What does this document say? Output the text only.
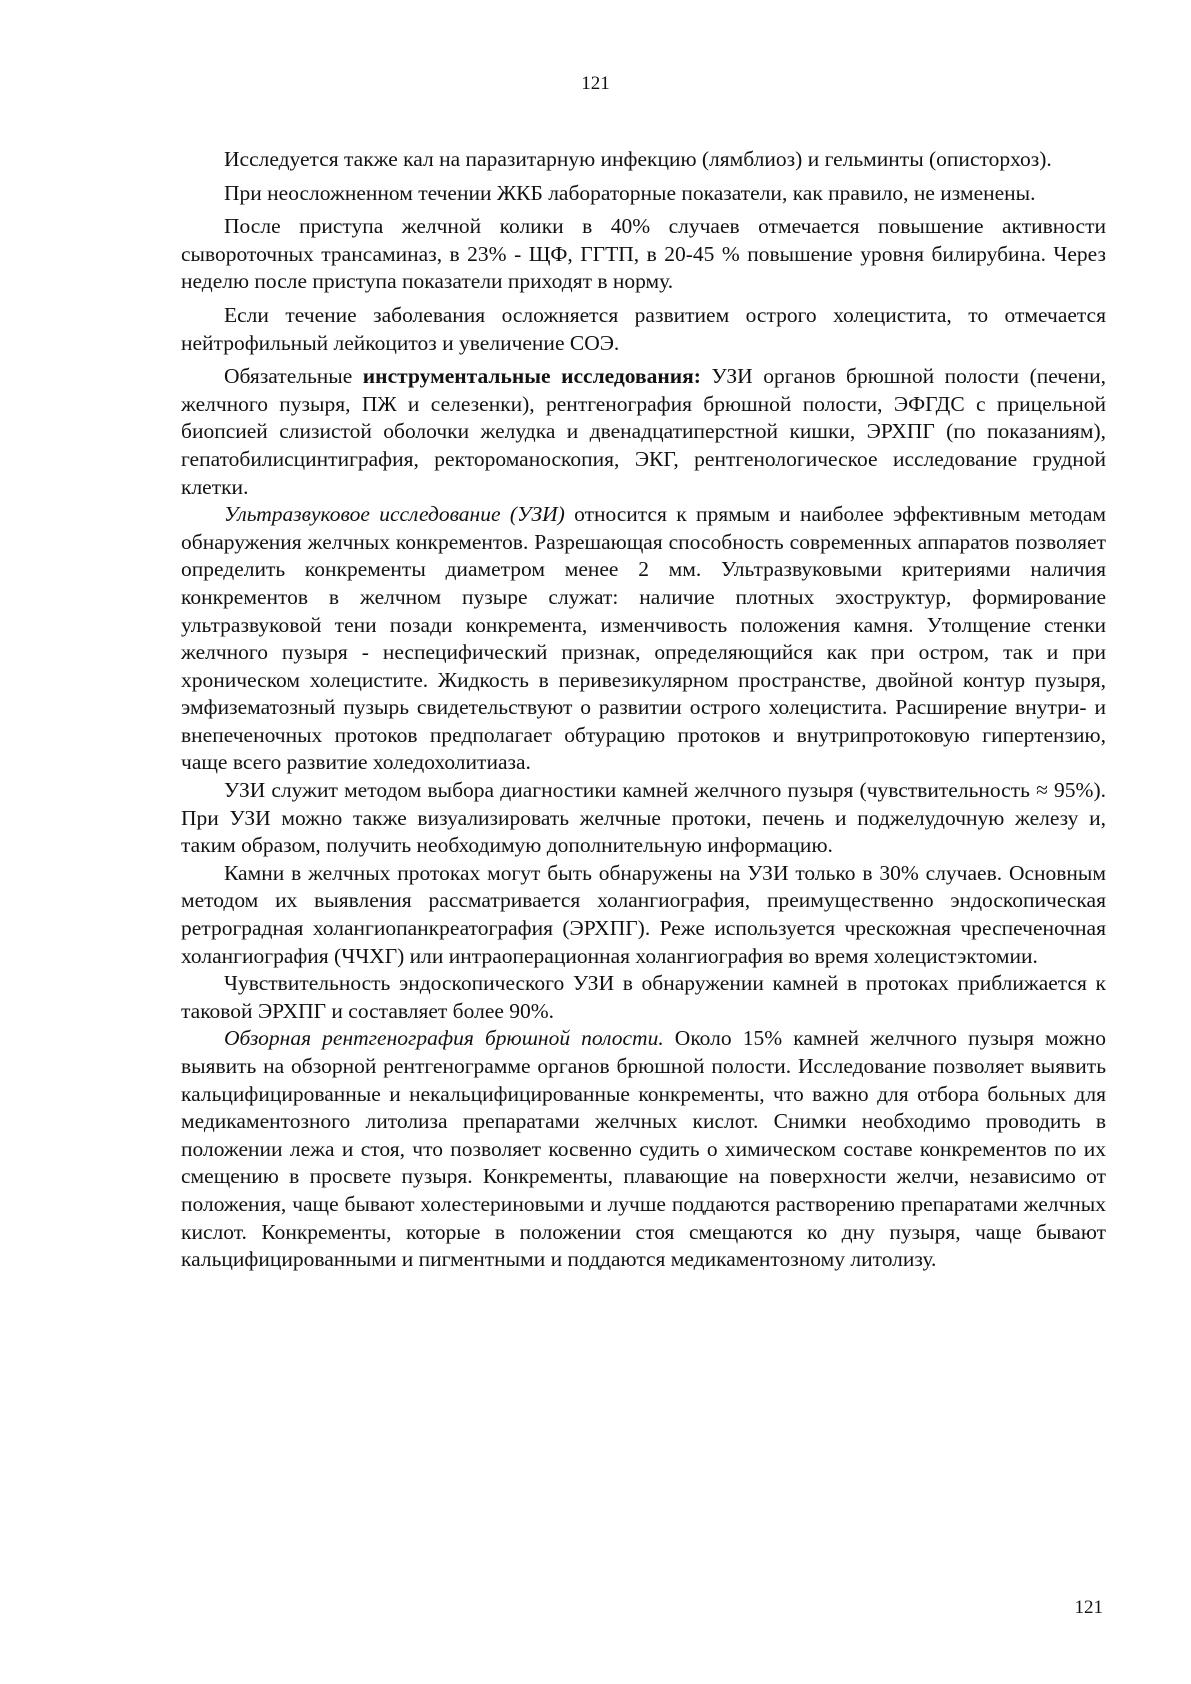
121

Исследуется также кал на паразитарную инфекцию (лямблиоз) и гельминты (описторхоз).

При неосложненном течении ЖКБ лабораторные показатели, как правило, не изменены.

После приступа желчной колики в 40% случаев отмечается повышение активности сывороточных трансаминаз, в 23% - ЩФ, ГГТП, в 20-45 % повышение уровня билирубина. Через неделю после приступа показатели приходят в норму.

Если течение заболевания осложняется развитием острого холецистита, то отмечается нейтрофильный лейкоцитоз и увеличение СОЭ.

Обязательные инструментальные исследования: УЗИ органов брюшной полости (печени, желчного пузыря, ПЖ и селезенки), рентгенография брюшной полости, ЭФГДС с прицельной биопсией слизистой оболочки желудка и двенадцатиперстной кишки, ЭРХПГ (по показаниям), гепатобилисцинтиграфия, ректороманоскопия, ЭКГ, рентгенологическое исследование грудной клетки.

Ультразвуковое исследование (УЗИ) относится к прямым и наиболее эффективным методам обнаружения желчных конкрементов. Разрешающая способность современных аппаратов позволяет определить конкременты диаметром менее 2 мм. Ультразвуковыми критериями наличия конкрементов в желчном пузыре служат: наличие плотных эхоструктур, формирование ультразвуковой тени позади конкремента, изменчивость положения камня. Утолщение стенки желчного пузыря - неспецифический признак, определяющийся как при остром, так и при хроническом холецистите. Жидкость в перивезикулярном пространстве, двойной контур пузыря, эмфизематозный пузырь свидетельствуют о развитии острого холецистита. Расширение внутри- и внепеченочных протоков предполагает обтурацию протоков и внутрипротоковую гипертензию, чаще всего развитие холедохолитиаза.

УЗИ служит методом выбора диагностики камней желчного пузыря (чувствительность ≈ 95%). При УЗИ можно также визуализировать желчные протоки, печень и поджелудочную железу и, таким образом, получить необходимую дополнительную информацию.

Камни в желчных протоках могут быть обнаружены на УЗИ только в 30% случаев. Основным методом их выявления рассматривается холангиография, преимущественно эндоскопическая ретроградная холангиопанкреатография (ЭРХПГ). Реже используется чрескожная чреспеченочная холангиография (ЧЧХГ) или интраоперационная холангиография во время холецистэктомии.

Чувствительность эндоскопического УЗИ в обнаружении камней в протоках приближается к таковой ЭРХПГ и составляет более 90%.

Обзорная рентгенография брюшной полости. Около 15% камней желчного пузыря можно выявить на обзорной рентгенограмме органов брюшной полости. Исследование позволяет выявить кальцифицированные и некальцифицированные конкременты, что важно для отбора больных для медикаментозного литолиза препаратами желчных кислот. Снимки необходимо проводить в положении лежа и стоя, что позволяет косвенно судить о химическом составе конкрементов по их смещению в просвете пузыря. Конкременты, плавающие на поверхности желчи, независимо от положения, чаще бывают холестериновыми и лучше поддаются растворению препаратами желчных кислот. Конкременты, которые в положении стоя смещаются ко дну пузыря, чаще бывают кальцифицированными и пигментными и поддаются медикаментозному литолизу.

121
